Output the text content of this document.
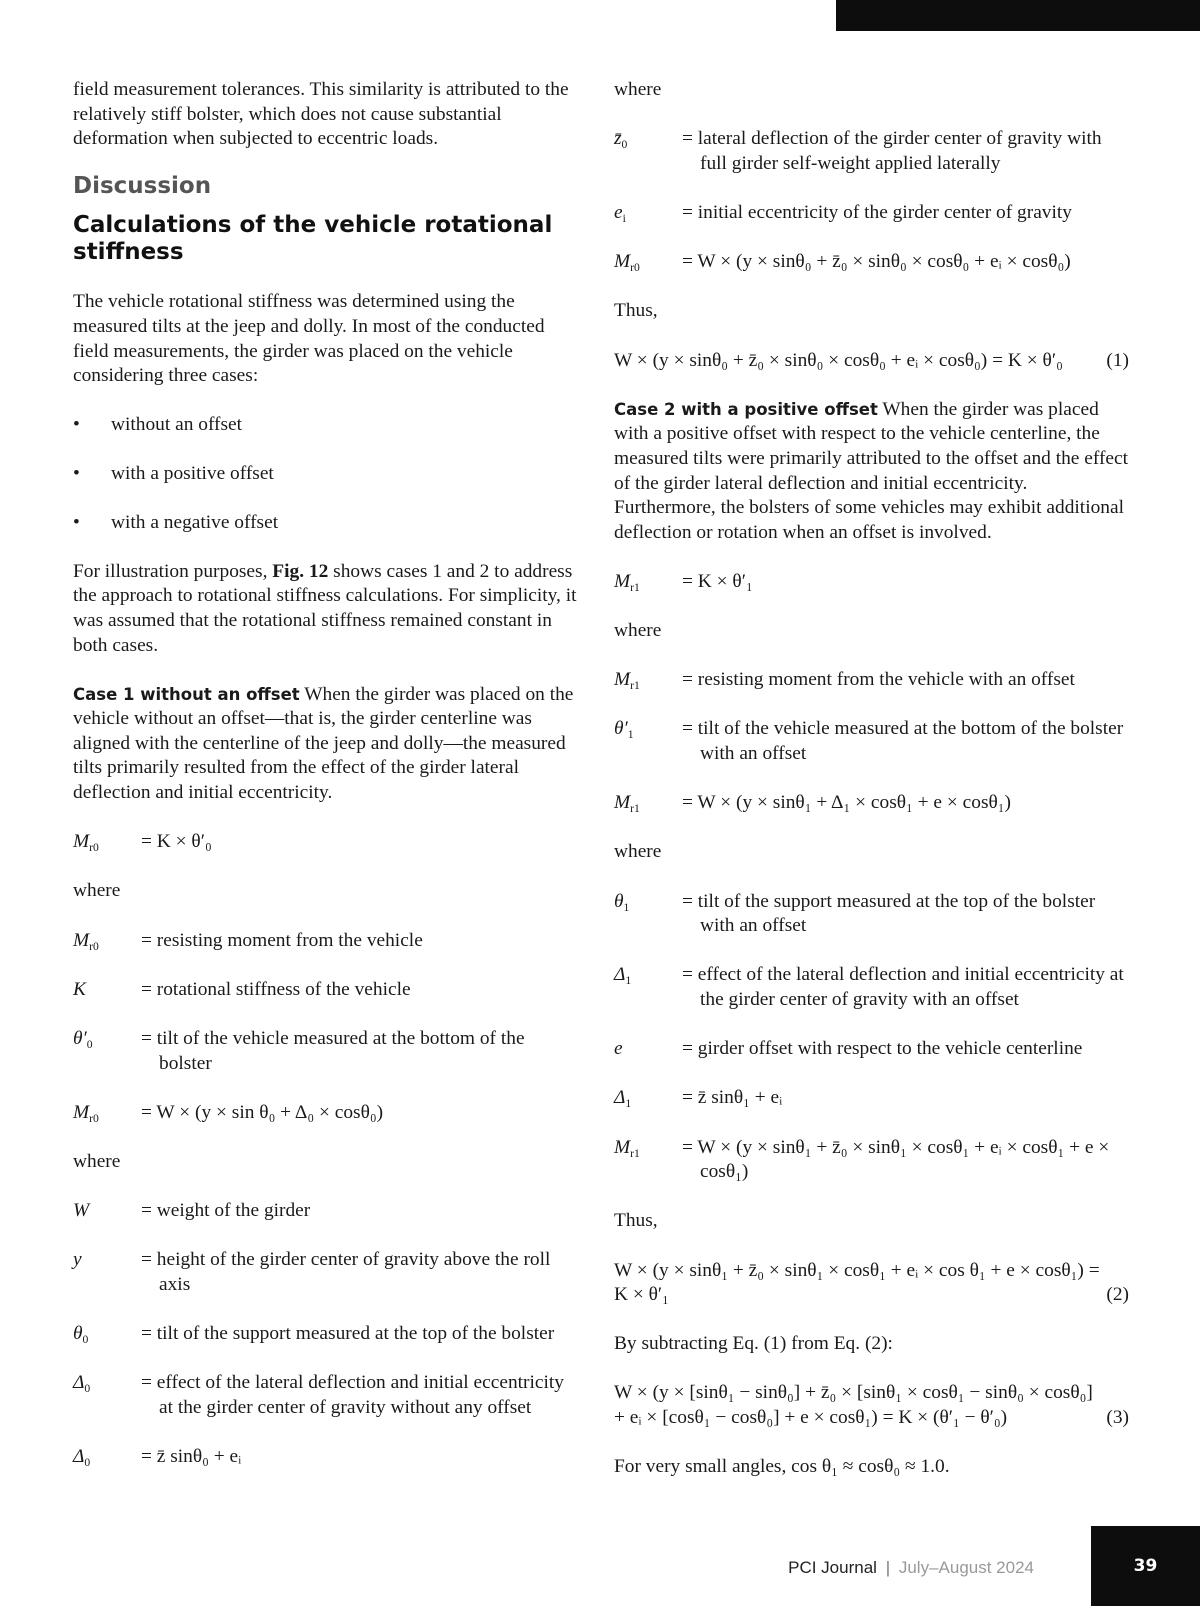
field measurement tolerances. This similarity is attributed to the relatively stiff bolster, which does not cause substantial deformation when subjected to eccentric loads.

Discussion
Calculations of the vehicle rotational stiffness

The vehicle rotational stiffness was determined using the measured tilts at the jeep and dolly. In most of the conducted field measurements, the girder was placed on the vehicle considering three cases:

• without an offset
• with a positive offset
• with a negative offset

For illustration purposes, Fig. 12 shows cases 1 and 2 to address the approach to rotational stiffness calculations. For simplicity, it was assumed that the rotational stiffness remained constant in both cases.

Case 1 without an offset When the girder was placed on the vehicle without an offset—that is, the girder centerline was aligned with the centerline of the jeep and dolly—the measured tilts primarily resulted from the effect of the girder lateral deflection and initial eccentricity.

$M_{r0}$	= K × θ′₀

where

$M_{r0}$	= resisting moment from the vehicle
K	= rotational stiffness of the vehicle
$\theta'_0$	= tilt of the vehicle measured at the bottom of the bolster
$M_{r0}$	= W × (y × sin θ₀ + Δ₀ × cosθ₀)

where

W	= weight of the girder
y	= height of the girder center of gravity above the roll axis
$\theta_0$	= tilt of the support measured at the top of the bolster
$\Delta_0$	= effect of the lateral deflection and initial eccentricity at the girder center of gravity without any offset
$\Delta_0$	= z̄ sinθ₀ + eᵢ

where

$z̄_0$	= lateral deflection of the girder center of gravity with full girder self-weight applied laterally
$e_i$	= initial eccentricity of the girder center of gravity
$M_{r0}$	= W × (y × sinθ₀ + z̄₀ × sinθ₀ × cosθ₀ + eᵢ × cosθ₀)

Thus,

W × (y × sinθ₀ + z̄₀ × sinθ₀ × cosθ₀ + eᵢ × cosθ₀) = K × θ′₀	(1)

Case 2 with a positive offset When the girder was placed with a positive offset with respect to the vehicle centerline, the measured tilts were primarily attributed to the offset and the effect of the girder lateral deflection and initial eccentricity. Furthermore, the bolsters of some vehicles may exhibit additional deflection or rotation when an offset is involved.

$M_{r1}$	= K × θ′₁

where

$M_{r1}$	= resisting moment from the vehicle with an offset
$\theta'_1$	= tilt of the vehicle measured at the bottom of the bolster with an offset
$M_{r1}$	= W × (y × sinθ₁ + Δ₁ × cosθ₁ + e × cosθ₁)

where

$\theta_1$	= tilt of the support measured at the top of the bolster with an offset
$\Delta_1$	= effect of the lateral deflection and initial eccentricity at the girder center of gravity with an offset
e	= girder offset with respect to the vehicle centerline
$\Delta_1$	= z̄ sinθ₁ + eᵢ
$M_{r1}$	= W × (y × sinθ₁ + z̄₀ × sinθ₁ × cosθ₁ + eᵢ × cosθ₁ + e × cosθ₁)

Thus,

W × (y × sinθ₁ + z̄₀ × sinθ₁ × cosθ₁ + eᵢ × cos θ₁ + e × cosθ₁) = K × θ′₁	(2)

By subtracting Eq. (1) from Eq. (2):

W × (y × [sinθ₁ − sinθ₀] + z̄₀ × [sinθ₁ × cosθ₁ − sinθ₀ × cosθ₀] + eᵢ × [cosθ₁ − cosθ₀] + e × cosθ₁) = K × (θ′₁ − θ′₀)	(3)

For very small angles, cos θ₁ ≈ cosθ₀ ≈ 1.0.

PCI Journal | July–August 2024	39
